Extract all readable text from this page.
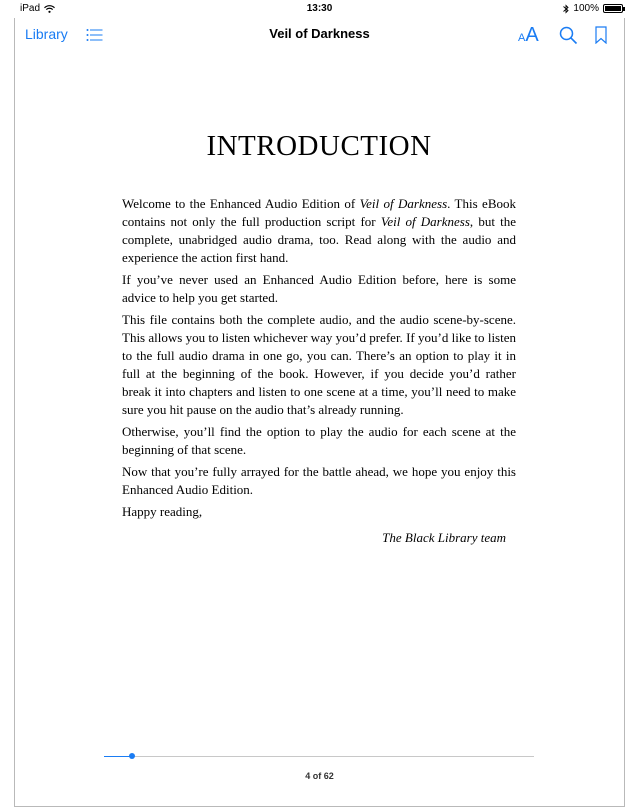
iPad	13:30	100%
Library	Veil of Darkness	AA
INTRODUCTION

Welcome to the Enhanced Audio Edition of Veil of Darkness. This eBook contains not only the full production script for Veil of Darkness, but the complete, unabridged audio drama, too. Read along with the audio and experience the action first hand.

If you’ve never used an Enhanced Audio Edition before, here is some advice to help you get started.

This file contains both the complete audio, and the audio scene-by-scene. This allows you to listen whichever way you’d prefer. If you’d like to listen to the full audio drama in one go, you can. There’s an option to play it in full at the beginning of the book. However, if you decide you’d rather break it into chapters and listen to one scene at a time, you’ll need to make sure you hit pause on the audio that’s already running.

Otherwise, you’ll find the option to play the audio for each scene at the beginning of that scene.

Now that you’re fully arrayed for the battle ahead, we hope you enjoy this Enhanced Audio Edition.

Happy reading,

The Black Library team

4 of 62
